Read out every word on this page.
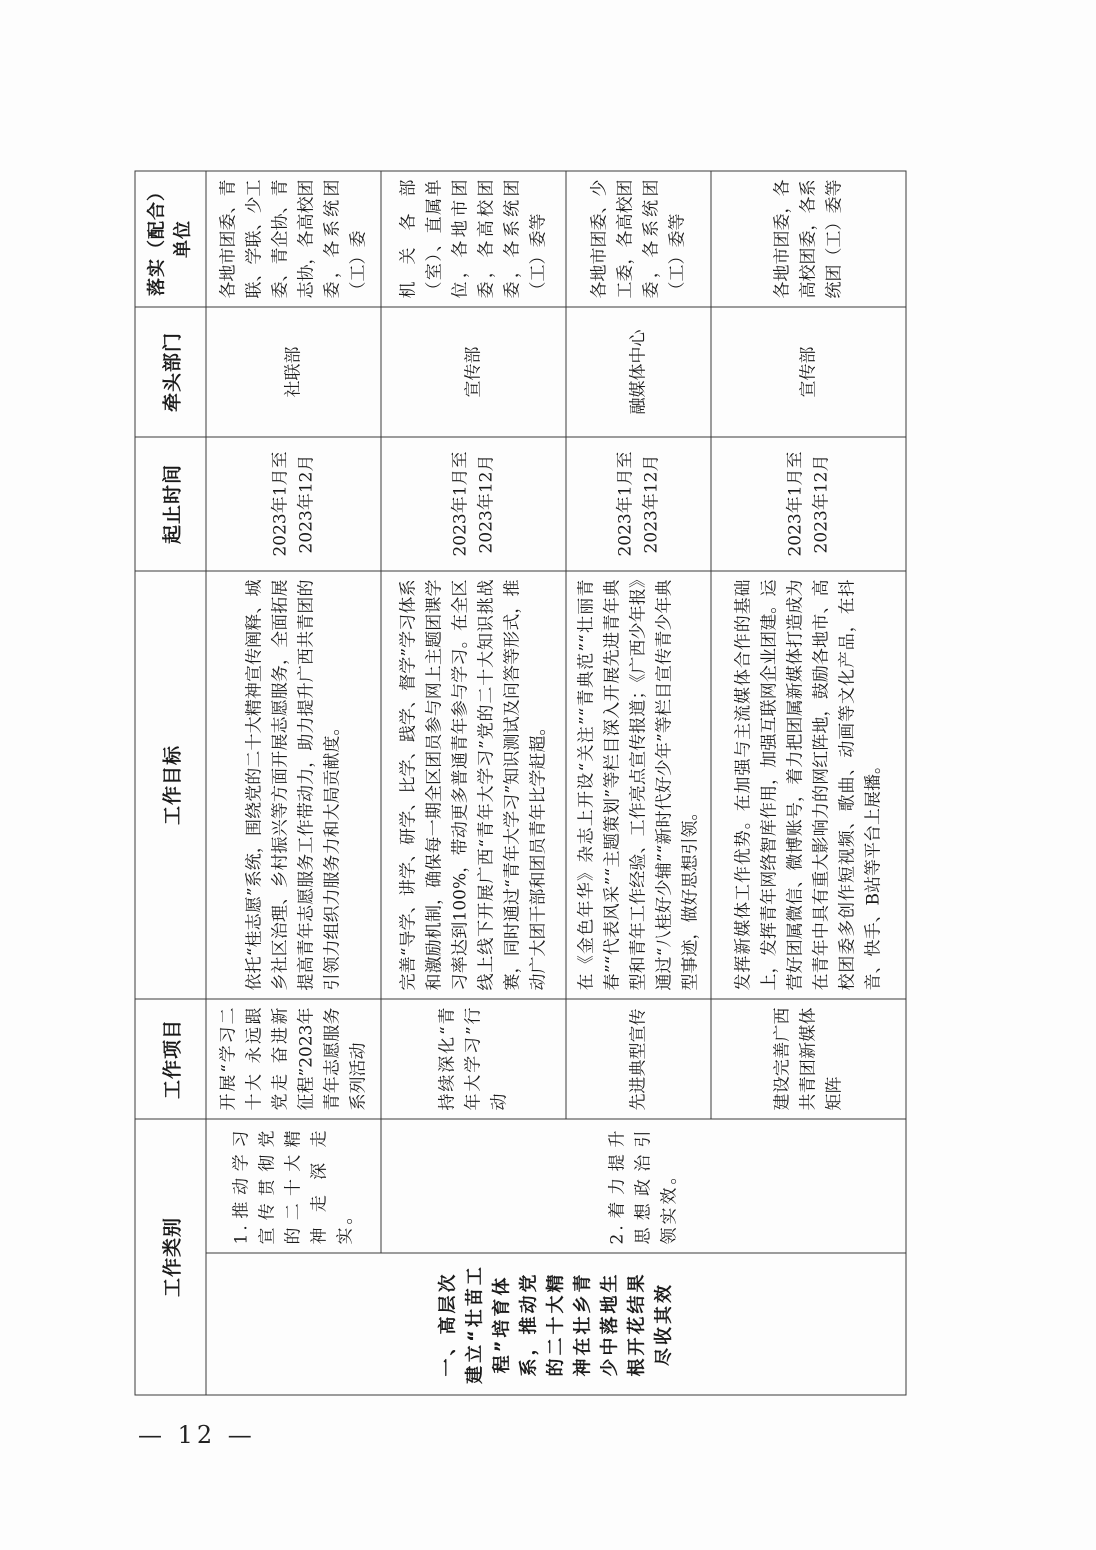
工作类别		工作项目	工作目标	起止时间	牵头部门	落实（配合）单位
一、高层次建立“壮苗工程”培育体系，推动党的二十大精神在壮乡青少中落地生根开花结果尽收其效	1.推动学习宣传贯彻党的二十大精神走深走实。	开展“学习二十大 永远跟党走 奋进新征程”2023年青年志愿服务系列活动	依托“桂志愿”系统，围绕党的二十大精神宣传阐释、城乡社区治理、乡村振兴等方面开展志愿服务，全面拓展提高青年志愿服务工作带动力，助力提升广西共青团的引领力组织力服务力和大局贡献度。	2023年1月至2023年12月	社联部	各地市团委、青联、学联、少工委、青企协、青志协，各高校团委，各系统团（工）委
	2.着力提升思想政治引领实效。	持续深化“青年大学习”行动	完善“导学、讲学、研学、比学、践学、督学”学习体系和激励机制，确保每一期全区团员参与网上主题团课学习率达到100%，带动更多普通青年参与学习。在全区线上线下开展广西“青年大学习”党的二十大知识挑战赛，同时通过“青年大学习”知识测试及问答等形式，推动广大团干部和团员青年比学赶超。	2023年1月至2023年12月	宣传部	机关各部（室）、直属单位，各地市团委，各高校团委，各系统团（工）委等
		先进典型宣传	在《金色年华》杂志上开设“关注”“青典范”“壮丽青春”“代表风采”“主题策划”等栏目深入开展先进青年典型和青年工作经验、工作亮点宣传报道；《广西少年报》通过“八桂好少辅”“新时代好少年”等栏目宣传青少年典型事迹，做好思想引领。	2023年1月至2023年12月	融媒体中心	各地市团委、少工委，各高校团委，各系统团（工）委等
		建设完善广西共青团新媒体矩阵	发挥新媒体工作优势。在加强与主流媒体合作的基础上，发挥青年网络智库作用，加强互联网企业团建。运营好团属微信、微博账号，着力把团属新媒体打造成为在青年中具有重大影响力的网红阵地，鼓励各地市、高校团委多创作短视频、歌曲、动画等文化产品，在抖音、快手、B站等平台上展播。	2023年1月至2023年12月	宣传部	各地市团委，各高校团委，各系统团（工）委等
— 12 —
